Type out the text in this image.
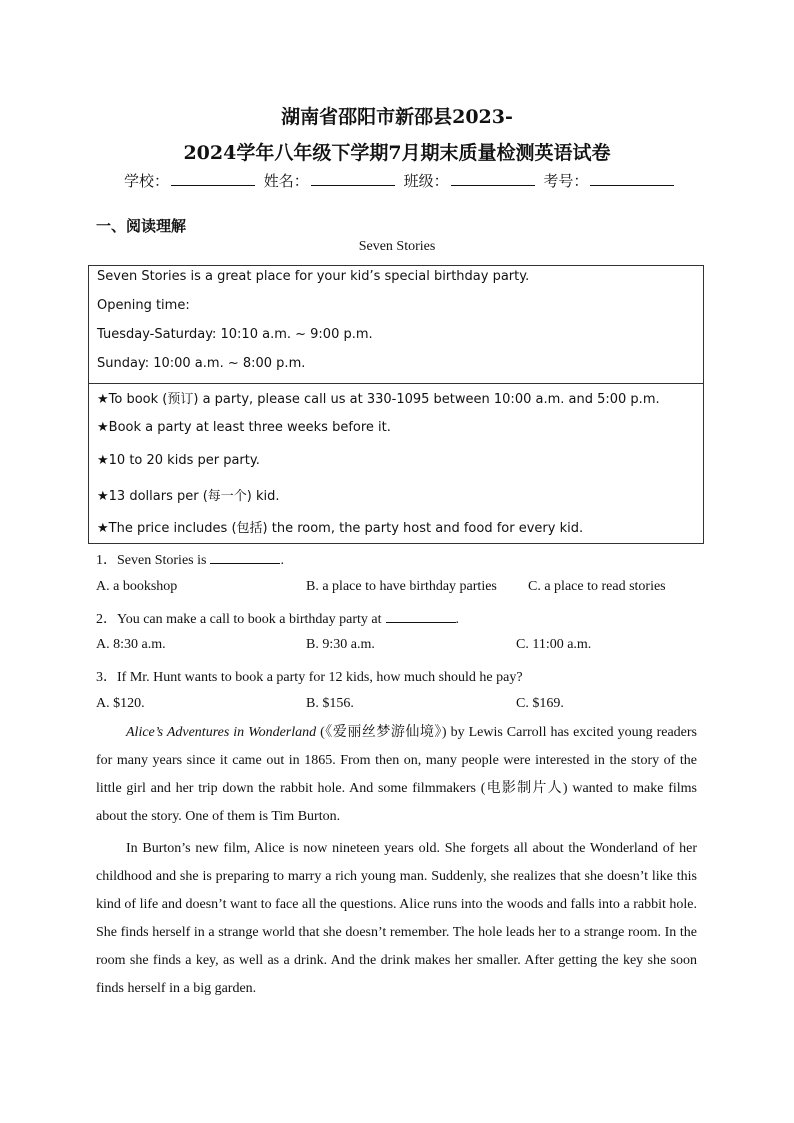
湖南省邵阳市新邵县2023-
2024学年八年级下学期7月期末质量检测英语试卷
学校：	姓名：	班级：	考号：
一、阅读理解
Seven Stories
Seven Stories is a great place for your kid’s special birthday party.
Opening time:
Tuesday-Saturday: 10:10 a.m. ~ 9:00 p.m.
Sunday: 10:00 a.m. ~ 8:00 p.m.
★To book (预订) a party, please call us at 330-1095 between 10:00 a.m. and 5:00 p.m.
★Book a party at least three weeks before it.
★10 to 20 kids per party.
★13 dollars per (每一个) kid.
★The price includes (包括) the room, the party host and food for every kid.
1．Seven Stories is	.
A. a bookshop	B. a place to have birthday parties C. a place to read stories
2．You can make a call to book a birthday party at	.
A. 8:30 a.m.	B. 9:30 a.m.	C. 11:00 a.m.
3．If Mr. Hunt wants to book a party for 12 kids, how much should he pay?
A. $120.	B. $156.	C. $169.
Alice’s Adventures in Wonderland (《爱丽丝梦游仙境》) by Lewis Carroll has excited young readers for many years since it came out in 1865. From then on, many people were interested in the story of the little girl and her trip down the rabbit hole. And some filmmakers (电影制片人) wanted to make films about the story. One of them is Tim Burton.
In Burton’s new film, Alice is now nineteen years old. She forgets all about the Wonderland of her childhood and she is preparing to marry a rich young man. Suddenly, she realizes that she doesn’t like this kind of life and doesn’t want to face all the questions. Alice runs into the woods and falls into a rabbit hole. She finds herself in a strange world that she doesn’t remember. The hole leads her to a strange room. In the room she finds a key, as well as a drink. And the drink makes her smaller. After getting the key she soon finds herself in a big garden.
